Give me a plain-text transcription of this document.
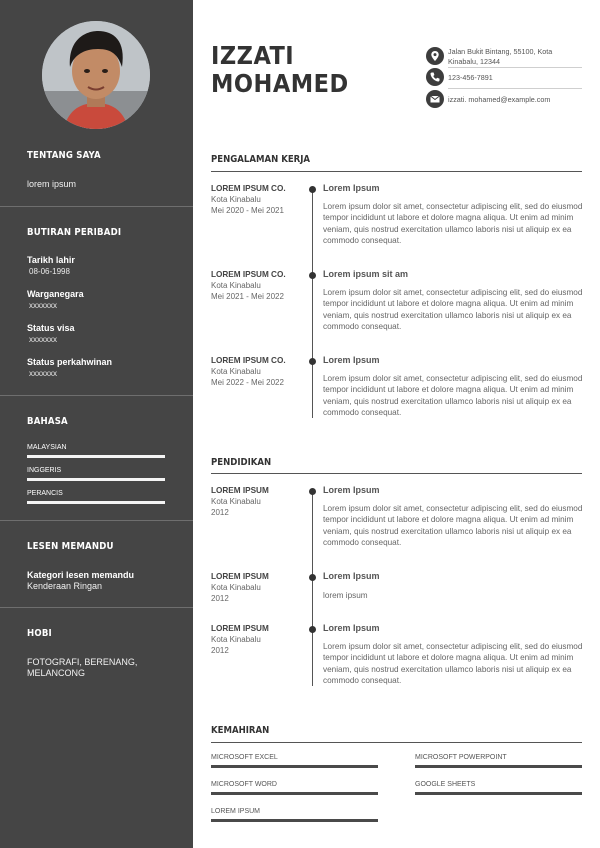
TENTANG SAYA
lorem ipsum
BUTIRAN PERIBADI
Tarikh lahir
08-06-1998
Warganegara
xxxxxxx
Status visa
xxxxxxx
Status perkahwinan
xxxxxxx
BAHASA
MALAYSIAN
INGGERIS
PERANCIS
LESEN MEMANDU
Kategori lesen memandu
Kenderaan Ringan
HOBI
FOTOGRAFI, BERENANG,
MELANCONG
IZZATI
MOHAMED
Jalan Bukit Bintang, 55100, Kota Kinabalu, 12344
123-456-7891
izzati. mohamed@example.com
PENGALAMAN KERJA
LOREM IPSUM CO.
Kota Kinabalu
Mei 2020 - Mei 2021
Lorem Ipsum
Lorem ipsum dolor sit amet, consectetur adipiscing elit, sed do eiusmod tempor incididunt ut labore et dolore magna aliqua. Ut enim ad minim veniam, quis nostrud exercitation ullamco laboris nisi ut aliquip ex ea commodo consequat.
LOREM IPSUM CO.
Kota Kinabalu
Mei 2021 - Mei 2022
Lorem ipsum sit am
Lorem ipsum dolor sit amet, consectetur adipiscing elit, sed do eiusmod tempor incididunt ut labore et dolore magna aliqua. Ut enim ad minim veniam, quis nostrud exercitation ullamco laboris nisi ut aliquip ex ea commodo consequat.
LOREM IPSUM CO.
Kota Kinabalu
Mei 2022 - Mei 2022
Lorem Ipsum
Lorem ipsum dolor sit amet, consectetur adipiscing elit, sed do eiusmod tempor incididunt ut labore et dolore magna aliqua. Ut enim ad minim veniam, quis nostrud exercitation ullamco laboris nisi ut aliquip ex ea commodo consequat.
PENDIDIKAN
LOREM IPSUM
Kota Kinabalu
2012
Lorem Ipsum
Lorem ipsum dolor sit amet, consectetur adipiscing elit, sed do eiusmod tempor incididunt ut labore et dolore magna aliqua. Ut enim ad minim veniam, quis nostrud exercitation ullamco laboris nisi ut aliquip ex ea commodo consequat.
LOREM IPSUM
Kota Kinabalu
2012
Lorem Ipsum
lorem ipsum
LOREM IPSUM
Kota Kinabalu
2012
Lorem Ipsum
Lorem ipsum dolor sit amet, consectetur adipiscing elit, sed do eiusmod tempor incididunt ut labore et dolore magna aliqua. Ut enim ad minim veniam, quis nostrud exercitation ullamco laboris nisi ut aliquip ex ea commodo consequat.
KEMAHIRAN
MICROSOFT EXCEL	MICROSOFT POWERPOINT
MICROSOFT WORD	GOOGLE SHEETS
LOREM IPSUM
